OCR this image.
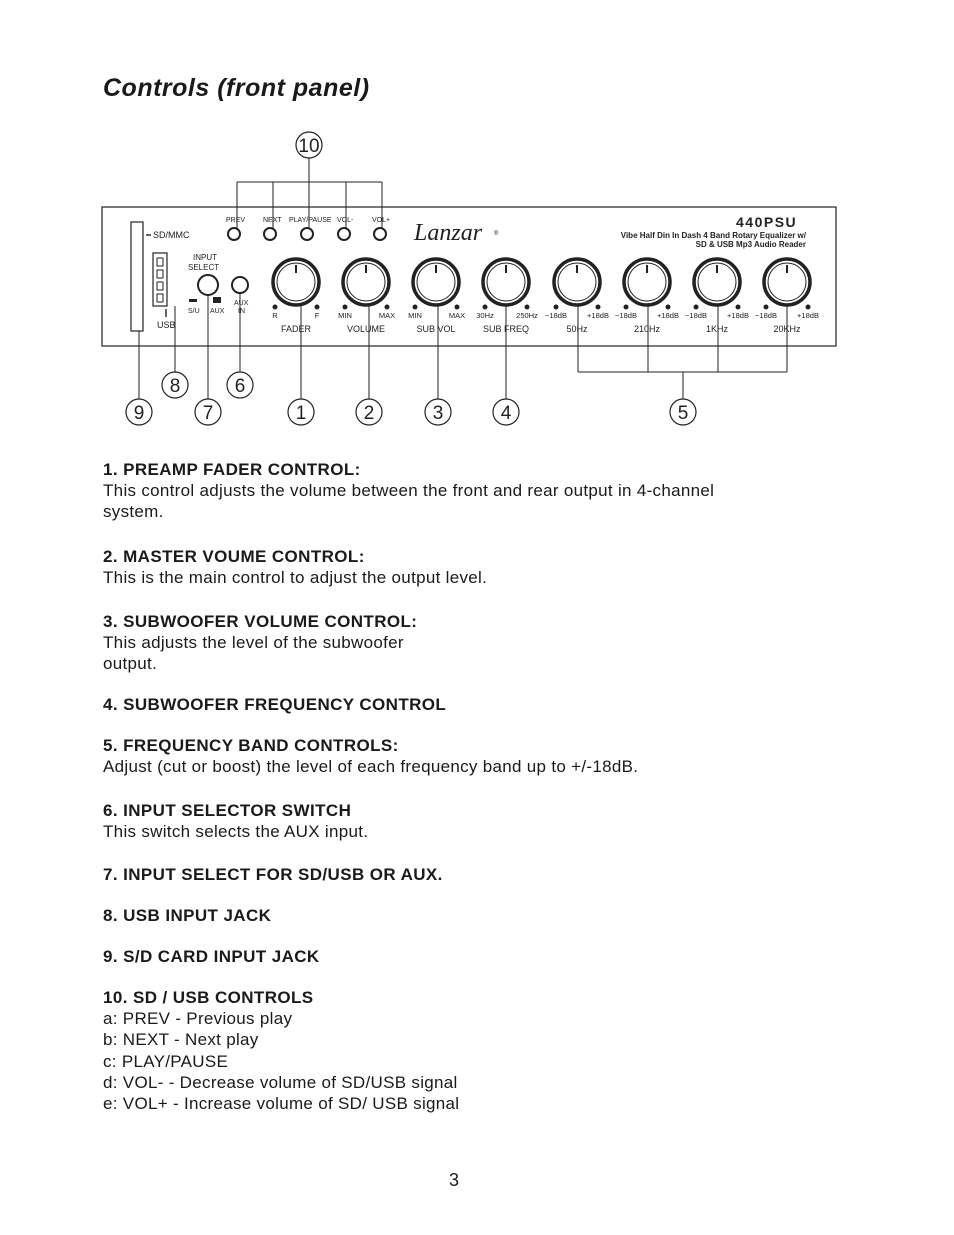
Controls (front panel)
10
SD/MMC
USB
INPUT
SELECT
S/U AUX
AUX
IN
PREV	NEXT PLAY/PAUSE VOL-	VOL+ Lanzar ®
440PSU
Vibe Half Din In Dash 4 Band Rotary Equalizer w/
SD & USB Mp3 Audio Reader
R	F
FADER
MIN	MAX
VOLUME
MIN	MAX
SUB VOL
30Hz	250Hz
SUB FREQ
−18dB	+18dB
50Hz
−18dB	+18dB
210Hz
−18dB	+18dB
1KHz
−18dB	+18dB
20KHz
1	2	3	4	5
6
7
8
9
1. PREAMP FADER CONTROL:

This control adjusts the volume between the front and rear output in 4-channel

system.

2. MASTER VOUME CONTROL:

This is the main control to adjust the output level.

3. SUBWOOFER VOLUME CONTROL:

This adjusts the level of the subwoofer

output.

4. SUBWOOFER FREQUENCY CONTROL
5. FREQUENCY BAND CONTROLS:

Adjust (cut or boost) the level of each frequency band up to +/-18dB.

6. INPUT SELECTOR SWITCH

This switch selects the AUX input.

7. INPUT SELECT FOR SD/USB OR AUX.
8. USB INPUT JACK
9. S/D CARD INPUT JACK
10. SD / USB CONTROLS

a: PREV - Previous play

b: NEXT - Next play

c: PLAY/PAUSE

d: VOL- - Decrease volume of SD/USB signal

e: VOL+ - Increase volume of SD/ USB signal

3
